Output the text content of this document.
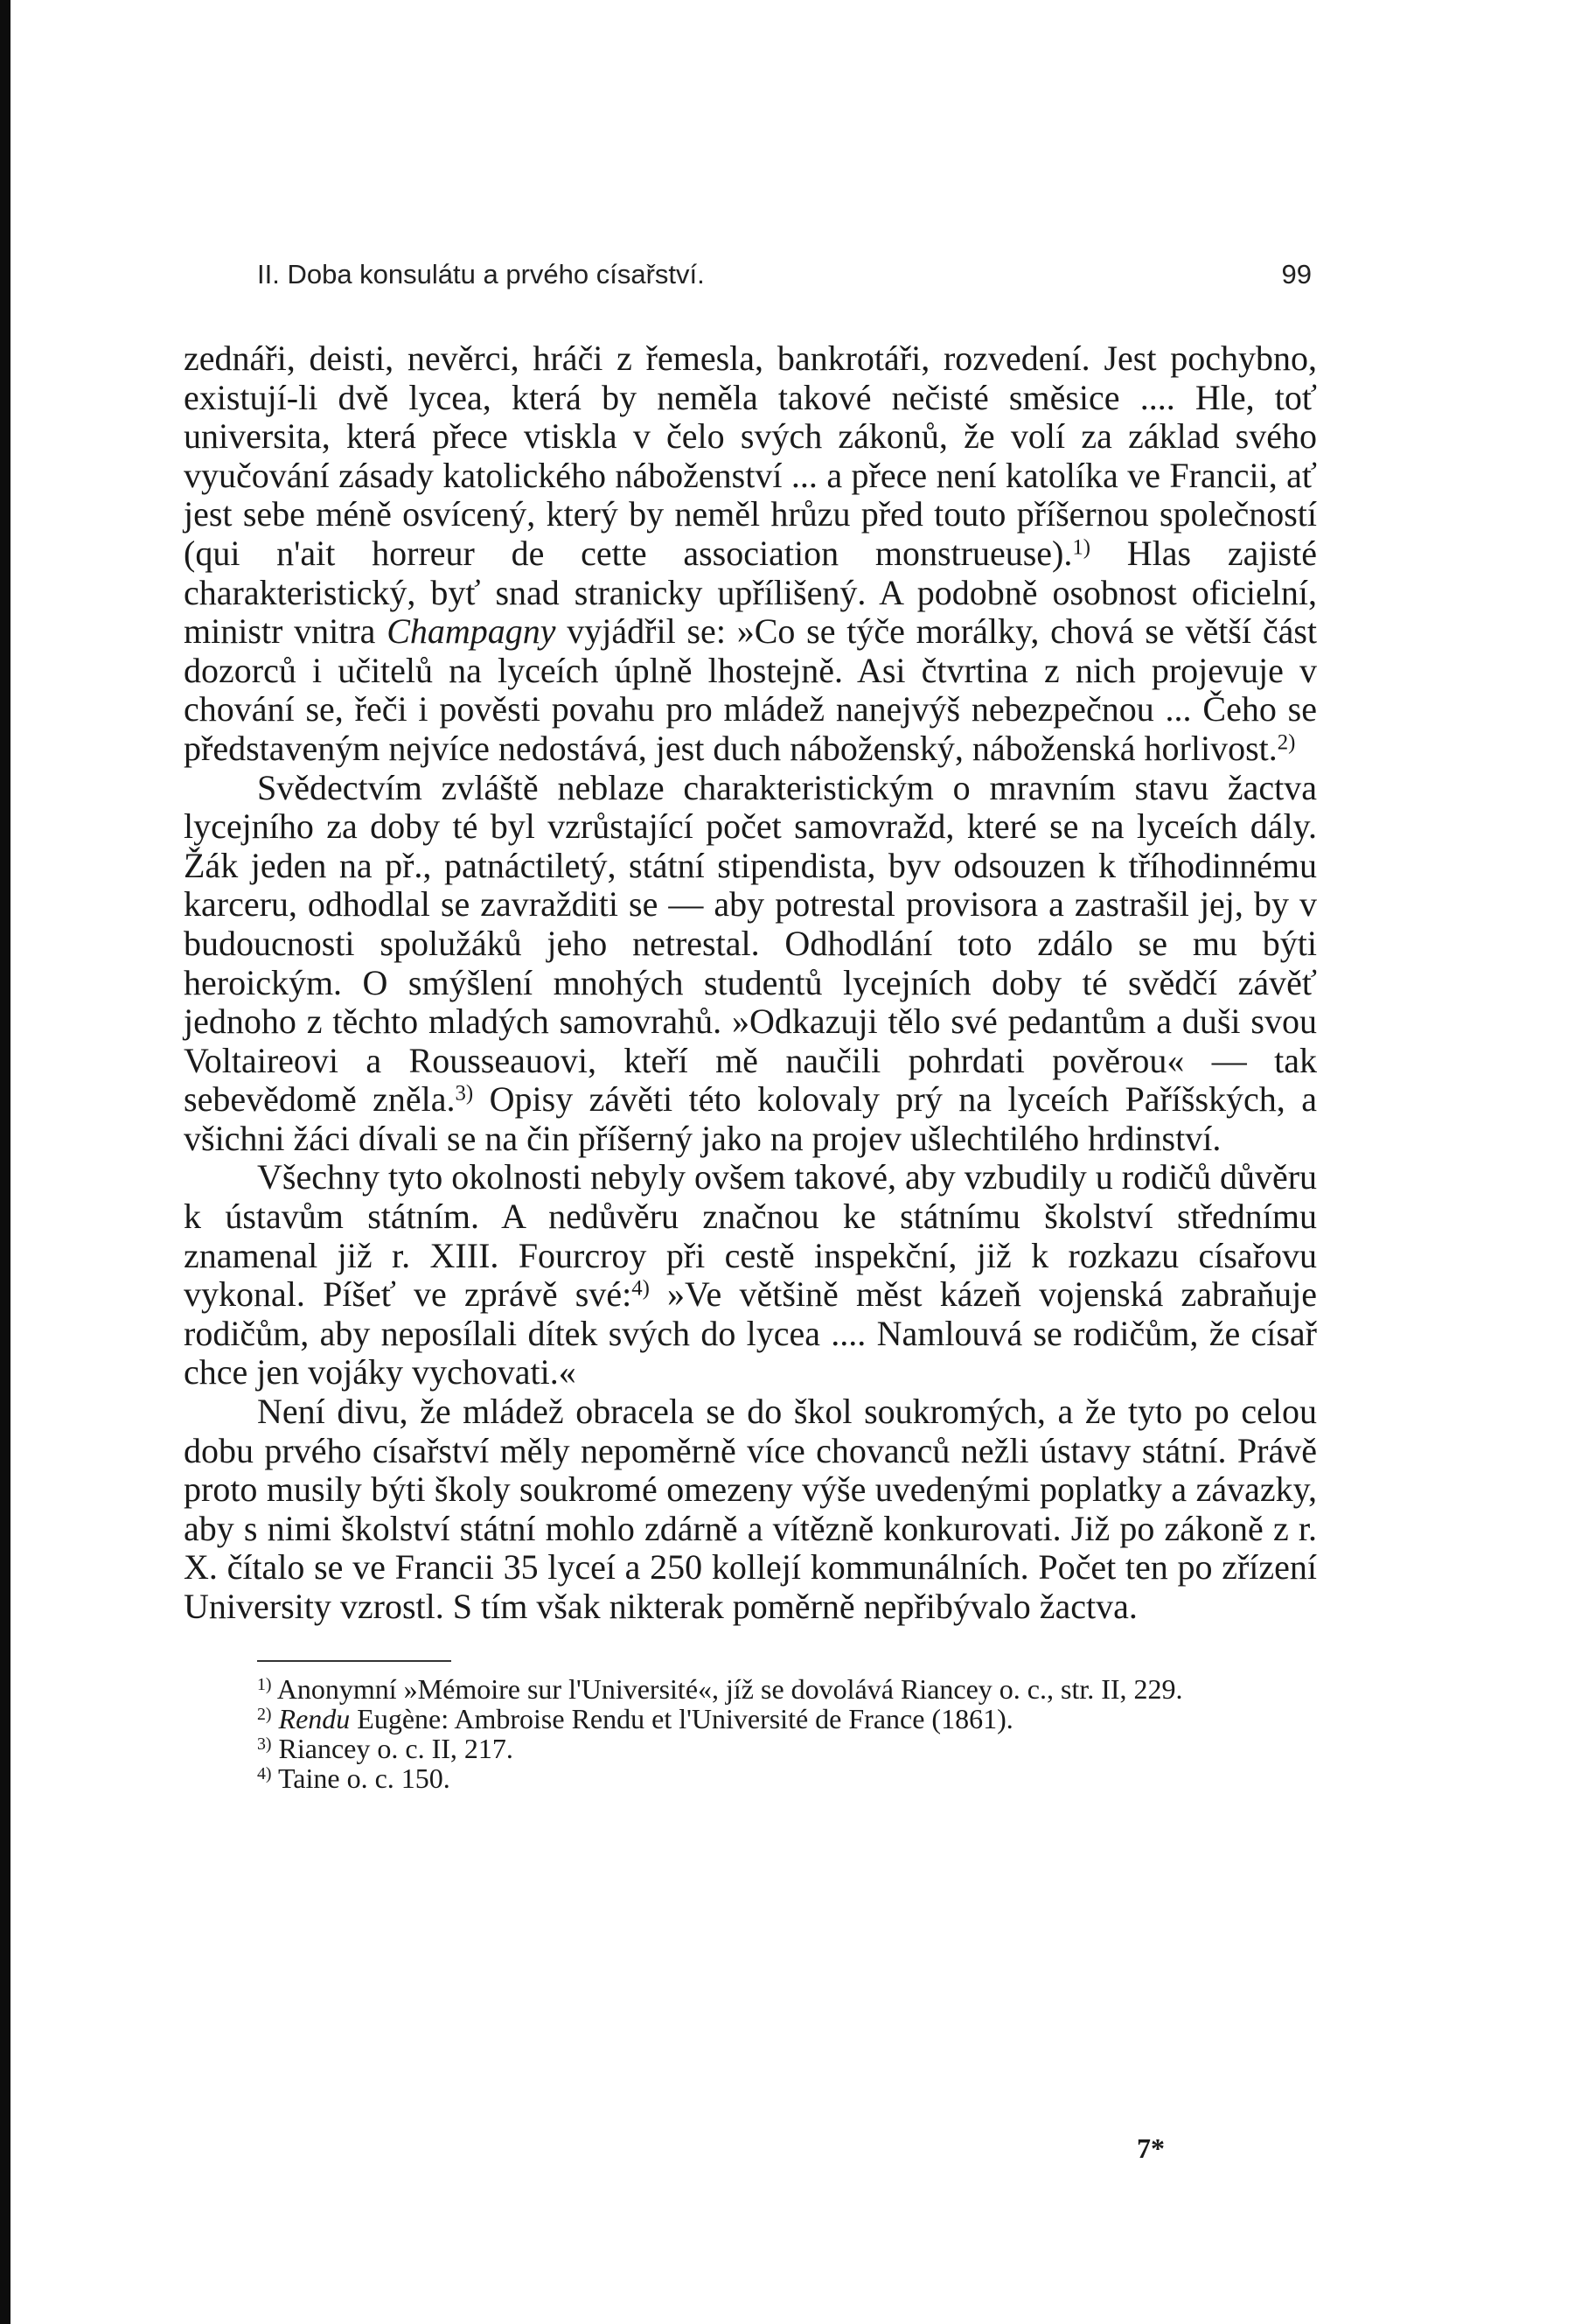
II. Doba konsulátu a prvého císařství.	99

zednáři, deisti, nevěrci, hráči z řemesla, bankrotáři, rozvedení. Jest pochybno, existují-li dvě lycea, která by neměla takové nečisté směsice .... Hle, toť universita, která přece vtiskla v čelo svých zákonů, že volí za základ svého vyučování zásady katolického náboženství ... a přece není katolíka ve Francii, ať jest sebe méně osvícený, který by neměl hrůzu před touto příšernou společností (qui n'ait horreur de cette association monstrueuse).$^{1)}$ Hlas zajisté charakteristický, byť snad stranicky upřílišený. A podobně osobnost oficielní, ministr vnitra Champagny vyjádřil se: »Co se týče morálky, chová se větší část dozorců i učitelů na lyceích úplně lhostejně. Asi čtvrtina z nich projevuje v chování se, řeči i pověsti povahu pro mládež nanejvýš nebezpečnou ... Čeho se představeným nejvíce nedostává, jest duch náboženský, náboženská horlivost.$^{2)}$

Svědectvím zvláště neblaze charakteristickým o mravním stavu žactva lycejního za doby té byl vzrůstající počet samovražd, které se na lyceích dály. Žák jeden na př., patnáctiletý, státní stipendista, byv odsouzen k tříhodinnému karceru, odhodlal se zavražditi se — aby potrestal provisora a zastrašil jej, by v budoucnosti spolužáků jeho netrestal. Odhodlání toto zdálo se mu býti heroickým. O smýšlení mnohých studentů lycejních doby té svědčí závěť jednoho z těchto mladých samovrahů. »Odkazuji tělo své pedantům a duši svou Voltaireovi a Rousseauovi, kteří mě naučili pohrdati pověrou« — tak sebevědomě zněla.$^{3)}$ Opisy závěti této kolovaly prý na lyceích Paříšských, a všichni žáci dívali se na čin příšerný jako na projev ušlechtilého hrdinství.

Všechny tyto okolnosti nebyly ovšem takové, aby vzbudily u rodičů důvěru k ústavům státním. A nedůvěru značnou ke státnímu školství střednímu znamenal již r. XIII. Fourcroy při cestě inspekční, již k rozkazu císařovu vykonal. Píšeť ve zprávě své:$^{4)}$ »Ve většině měst kázeň vojenská zabraňuje rodičům, aby neposílali dítek svých do lycea .... Namlouvá se rodičům, že císař chce jen vojáky vychovati.«

Není divu, že mládež obracela se do škol soukromých, a že tyto po celou dobu prvého císařství měly nepoměrně více chovanců nežli ústavy státní. Právě proto musily býti školy soukromé omezeny výše uvedenými poplatky a závazky, aby s nimi školství státní mohlo zdárně a vítězně konkurovati. Již po zákoně z r. X. čítalo se ve Francii 35 lyceí a 250 kollejí kommunálních. Počet ten po zřízení University vzrostl. S tím však nikterak poměrně nepřibývalo žactva.

$^{1)}$ Anonymní »Mémoire sur l'Université«, jíž se dovolává Riancey o. c., str. II, 229.

$^{2)}$ Rendu Eugène: Ambroise Rendu et l'Université de France (1861).

$^{3)}$ Riancey o. c. II, 217.

$^{4)}$ Taine o. c. 150.

7*
